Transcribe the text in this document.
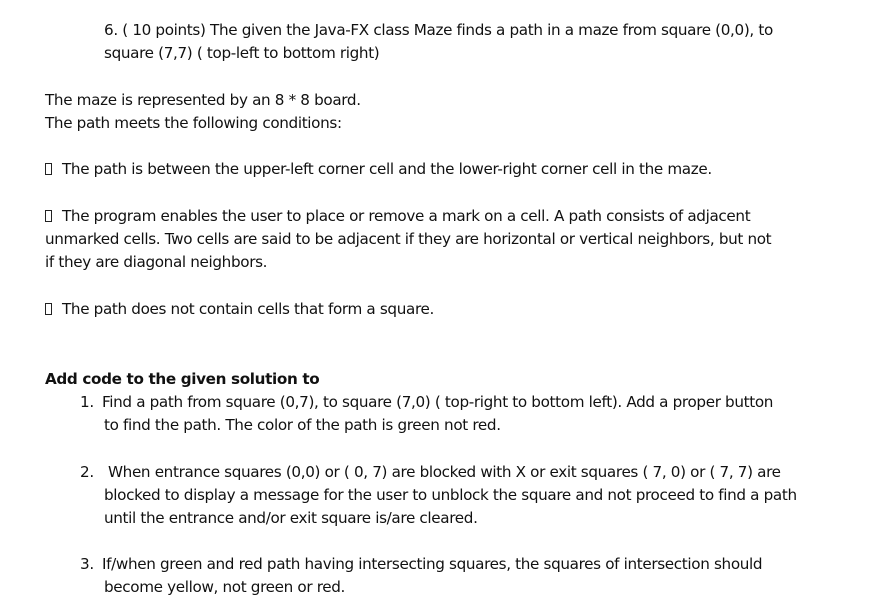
6. ( 10 points) The given the Java-FX class Maze finds a path in a maze from square (0,0), to

square (7,7) ( top-left to bottom right)

The maze is represented by an 8 * 8 board.

The path meets the following conditions:

The path is between the upper-left corner cell and the lower-right corner cell in the maze.

The program enables the user to place or remove a mark on a cell. A path consists of adjacent

unmarked cells. Two cells are said to be adjacent if they are horizontal or vertical neighbors, but not

if they are diagonal neighbors.

The path does not contain cells that form a square.

Add code to the given solution to

1. Find a path from square (0,7), to square (7,0) ( top-right to bottom left). Add a proper button

to find the path. The color of the path is green not red.

2. When entrance squares (0,0) or ( 0, 7) are blocked with X or exit squares ( 7, 0) or ( 7, 7) are

blocked to display a message for the user to unblock the square and not proceed to find a path

until the entrance and/or exit square is/are cleared.

3. If/when green and red path having intersecting squares, the squares of intersection should

become yellow, not green or red.
